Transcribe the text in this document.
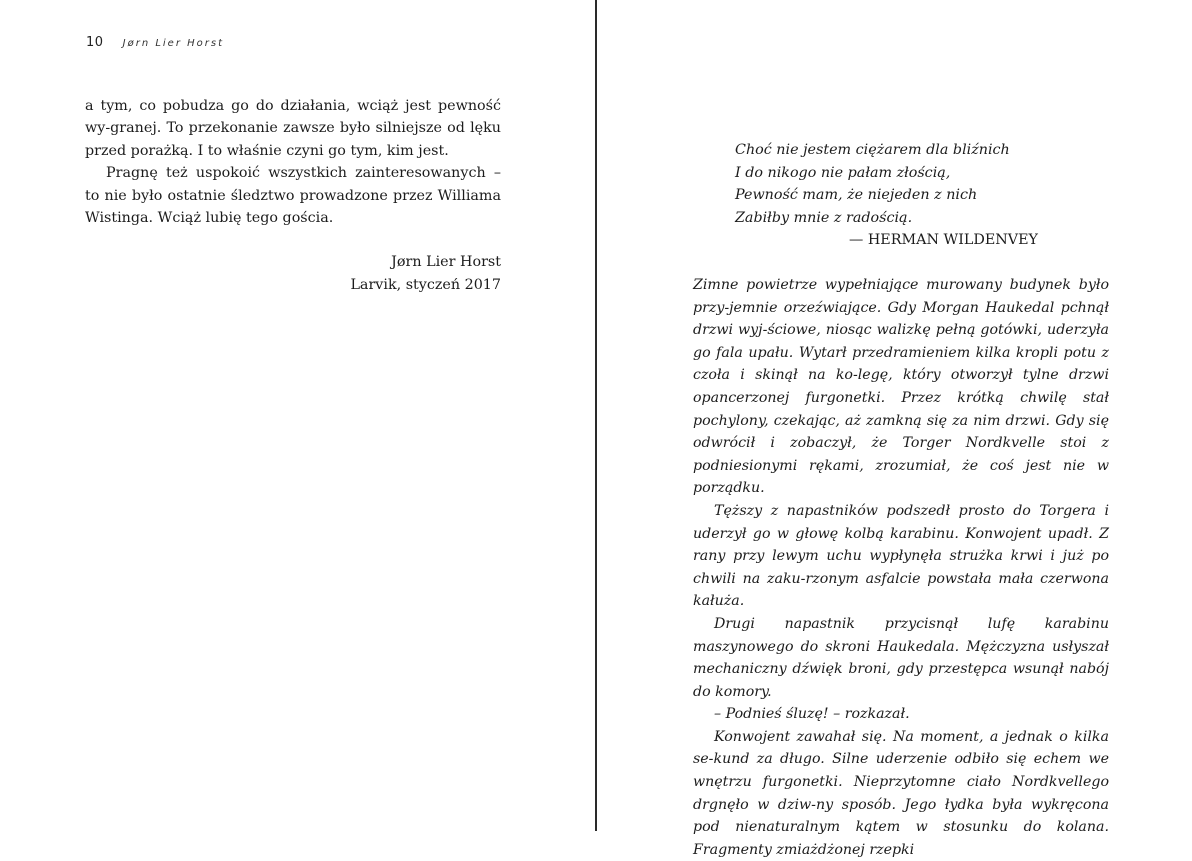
10 Jørn Lier Horst

a tym, co pobudza go do działania, wciąż jest pewność wy-granej. To przekonanie zawsze było silniejsze od lęku przed porażką. I to właśnie czyni go tym, kim jest.

Pragnę też uspokoić wszystkich zainteresowanych – to nie było ostatnie śledztwo prowadzone przez Williama Wistinga. Wciąż lubię tego gościa.

Jørn Lier Horst
Larvik, styczeń 2017
Choć nie jestem ciężarem dla bliźnich
I do nikogo nie pałam złością,
Pewność mam, że niejeden z nich
Zabiłby mnie z radością.
— HERMAN WILDENVEY

Zimne powietrze wypełniające murowany budynek było przy-jemnie orzeźwiające. Gdy Morgan Haukedal pchnął drzwi wyj-ściowe, niosąc walizkę pełną gotówki, uderzyła go fala upału. Wytarł przedramieniem kilka kropli potu z czoła i skinął na ko-legę, który otworzył tylne drzwi opancerzonej furgonetki. Przez krótką chwilę stał pochylony, czekając, aż zamkną się za nim drzwi. Gdy się odwrócił i zobaczył, że Torger Nordkvelle stoi z podniesionymi rękami, zrozumiał, że coś jest nie w porządku.

Tęższy z napastników podszedł prosto do Torgera i uderzył go w głowę kolbą karabinu. Konwojent upadł. Z rany przy lewym uchu wypłynęła strużka krwi i już po chwili na zaku-rzonym asfalcie powstała mała czerwona kałuża.

Drugi napastnik przycisnął lufę karabinu maszynowego do skroni Haukedala. Mężczyzna usłyszał mechaniczny dźwięk broni, gdy przestępca wsunął nabój do komory.

– Podnieś śluzę! – rozkazał.

Konwojent zawahał się. Na moment, a jednak o kilka se-kund za długo. Silne uderzenie odbiło się echem we wnętrzu furgonetki. Nieprzytomne ciało Nordkvellego drgnęło w dziw-ny sposób. Jego łydka była wykręcona pod nienaturalnym kątem w stosunku do kolana. Fragmenty zmiażdżonej rzepki
